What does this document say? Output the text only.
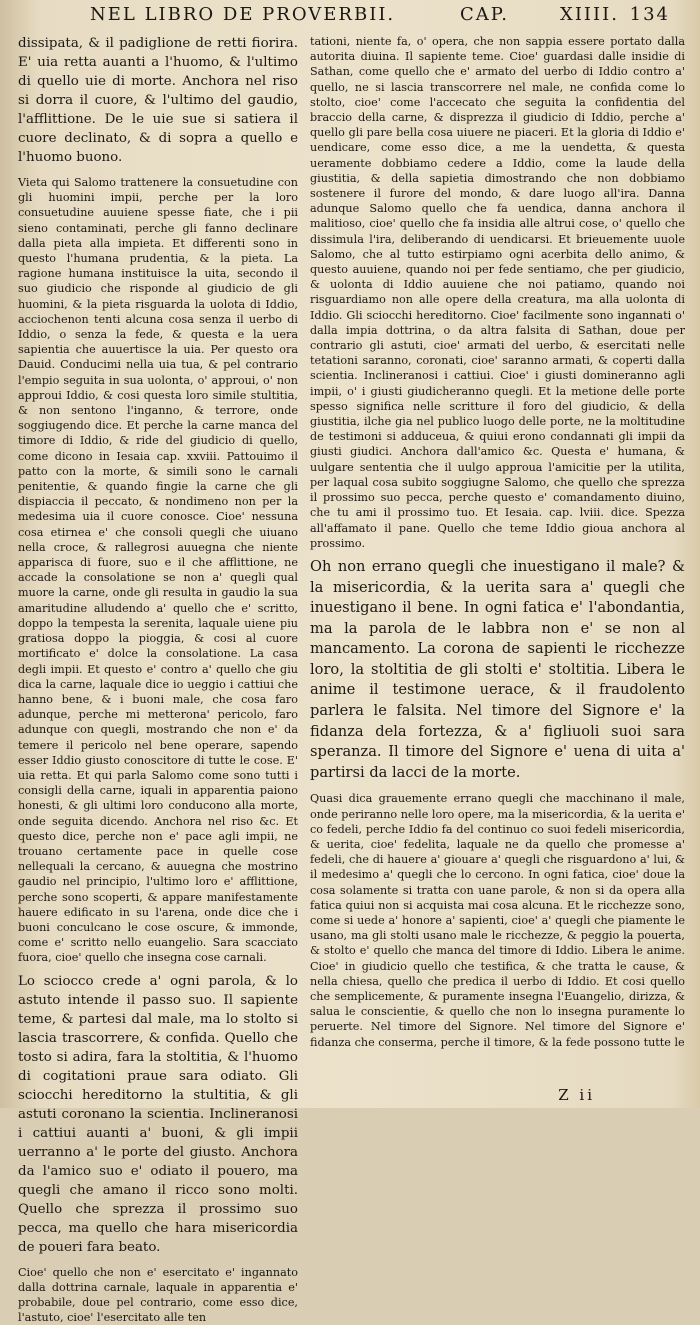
NEL LIBRO DE PROVERBII.	CAP.	XIIII. 134

dissipata, & il padiglione de retti fiorira. E' uia retta auanti a l'huomo, & l'ultimo di quello uie di morte. Anchora nel riso si dorra il cuore, & l'ultimo del gaudio, l'afflittione. De le uie sue si satiera il cuore declinato, & di sopra a quello e l'huomo buono.

Vieta qui Salomo trattenere la consuetudine con gli huomini impii, perche per la loro consuetudine auuiene spesse fiate, che i pii sieno contaminati, perche gli fanno declinare dalla pieta alla impieta. Et differenti sono in questo l'humana prudentia, & la pieta. La ragione humana instituisce la uita, secondo il suo giudicio che risponde al giudicio de gli huomini, & la pieta risguarda la uolota di Iddio, acciochenon tenti alcuna cosa senza il uerbo di Iddio, o senza la fede, & questa e la uera sapientia che auuertisce la uia. Per questo ora Dauid. Conducimi nella uia tua, & pel contrario l'empio seguita in sua uolonta, o' approui, o' non approui Iddio, & cosi questa loro simile stultitia, & non sentono l'inganno, & terrore, onde soggiugendo dice. Et perche la carne manca del timore di Iddio, & ride del giudicio di quello, come dicono in Iesaia cap. xxviii. Pattouimo il patto con la morte, & simili sono le carnali penitentie, & quando fingie la carne che gli dispiaccia il peccato, & nondimeno non per la medesima uia il cuore conosce. Cioe' nessuna cosa etirnea e' che consoli quegli che uiuano nella croce, & rallegrosi auuegna che niente apparisca di fuore, suo e il che afflittione, ne accade la consolatione se non a' quegli qual muore la carne, onde gli resulta in gaudio la sua amaritudine alludendo a' quello che e' scritto, doppo la tempesta la serenita, laquale uiene piu gratiosa doppo la pioggia, & cosi al cuore mortificato e' dolce la consolatione. La casa degli impii. Et questo e' contro a' quello che giu dica la carne, laquale dice io ueggio i cattiui che hanno bene, & i buoni male, che cosa faro adunque, perche mi metterona' pericolo, faro adunque con quegli, mostrando che non e' da temere il pericolo nel bene operare, sapendo esser Iddio giusto conoscitore di tutte le cose. E' uia retta. Et qui parla Salomo come sono tutti i consigli della carne, iquali in apparentia paiono honesti, & gli ultimi loro conducono alla morte, onde seguita dicendo. Anchora nel riso &c. Et questo dice, perche non e' pace agli impii, ne trouano certamente pace in quelle cose nellequali la cercano, & auuegna che mostrino gaudio nel principio, l'ultimo loro e' afflittione, perche sono scoperti, & appare manifestamente hauere edificato in su l'arena, onde dice che i buoni conculcano le cose oscure, & immonde, come e' scritto nello euangelio. Sara scacciato fuora, cioe' quello che insegna cose carnali.

Lo sciocco crede a' ogni parola, & lo astuto intende il passo suo. Il sapiente teme, & partesi dal male, ma lo stolto si lascia trascorrere, & confida. Quello che tosto si adira, fara la stoltitia, & l'huomo di cogitationi praue sara odiato. Gli sciocchi hereditorno la stultitia, & gli astuti coronano la scientia. Inclineranosi i cattiui auanti a' buoni, & gli impii uerranno a' le porte del giusto. Anchora da l'amico suo e' odiato il pouero, ma quegli che amano il ricco sono molti. Quello che sprezza il prossimo suo pecca, ma quello che hara misericordia de poueri fara beato.

Cioe' quello che non e' esercitato e' ingannato dalla dottrina carnale, laquale in apparentia e' probabile, doue pel contrario, come esso dice, l'astuto, cioe' l'esercitato alle ten

tationi, niente fa, o' opera, che non sappia essere portato dalla autorita diuina. Il sapiente teme. Cioe' guardasi dalle insidie di Sathan, come quello che e' armato del uerbo di Iddio contro a' quello, ne si lascia transcorrere nel male, ne confida come lo stolto, cioe' come l'accecato che seguita la confidentia del braccio della carne, & disprezza il giudicio di Iddio, perche a' quello gli pare bella cosa uiuere ne piaceri. Et la gloria di Iddio e' uendicare, come esso dice, a me la uendetta, & questa ueramente dobbiamo cedere a Iddio, come la laude della giustitia, & della sapietia dimostrando che non dobbiamo sostenere il furore del mondo, & dare luogo all'ira. Danna adunque Salomo quello che fa uendica, danna anchora il malitioso, cioe' quello che fa insidia alle altrui cose, o' quello che dissimula l'ira, deliberando di uendicarsi. Et brieuemente uuole Salomo, che al tutto estirpiamo ogni acerbita dello animo, & questo auuiene, quando noi per fede sentiamo, che per giudicio, & uolonta di Iddio auuiene che noi patiamo, quando noi risguardiamo non alle opere della creatura, ma alla uolonta di Iddio. Gli sciocchi hereditorno. Cioe' facilmente sono ingannati o' dalla impia dottrina, o da altra falsita di Sathan, doue per contrario gli astuti, cioe' armati del uerbo, & esercitati nelle tetationi saranno, coronati, cioe' saranno armati, & coperti dalla scientia. Inclineranosi i cattiui. Cioe' i giusti domineranno agli impii, o' i giusti giudicheranno quegli. Et la metione delle porte spesso significa nelle scritture il foro del giudicio, & della giustitia, ilche gia nel publico luogo delle porte, ne la moltitudine de testimoni si adduceua, & quiui erono condannati gli impii da giusti giudici. Anchora dall'amico &c. Questa e' humana, & uulgare sententia che il uulgo approua l'amicitie per la utilita, per laqual cosa subito soggiugne Salomo, che quello che sprezza il prossimo suo pecca, perche questo e' comandamento diuino, che tu ami il prossimo tuo. Et Iesaia. cap. lviii. dice. Spezza all'affamato il pane. Quello che teme Iddio gioua anchora al prossimo.

Oh non errano quegli che inuestigano il male? & la misericordia, & la uerita sara a' quegli che inuestigano il bene. In ogni fatica e' l'abondantia, ma la parola de le labbra non e' se non al mancamento. La corona de sapienti le ricchezze loro, la stoltitia de gli stolti e' stoltitia. Libera le anime il testimone uerace, & il fraudolento parlera le falsita. Nel timore del Signore e' la fidanza dela fortezza, & a' figliuoli suoi sara speranza. Il timore del Signore e' uena di uita a' partirsi da lacci de la morte.

Quasi dica grauemente errano quegli che macchinano il male, onde periranno nelle loro opere, ma la misericordia, & la uerita e' co fedeli, perche Iddio fa del continuo co suoi fedeli misericordia, & uerita, cioe' fedelita, laquale ne da quello che promesse a' fedeli, che di hauere a' giouare a' quegli che risguardono a' lui, & il medesimo a' quegli che lo cercono. In ogni fatica, cioe' doue la cosa solamente si tratta con uane parole, & non si da opera alla fatica quiui non si acquista mai cosa alcuna. Et le ricchezze sono, come si uede a' honore a' sapienti, cioe' a' quegli che piamente le usano, ma gli stolti usano male le ricchezze, & peggio la pouerta, & stolto e' quello che manca del timore di Iddio. Libera le anime. Cioe' in giudicio quello che testifica, & che tratta le cause, & nella chiesa, quello che predica il uerbo di Iddio. Et cosi quello che semplicemente, & puramente insegna l'Euangelio, dirizza, & salua le conscientie, & quello che non lo insegna puramente lo peruerte. Nel timore del Signore. Nel timore del Signore e' fidanza che conserma, perche il timore, & la fede possono tutte le

Z ii
